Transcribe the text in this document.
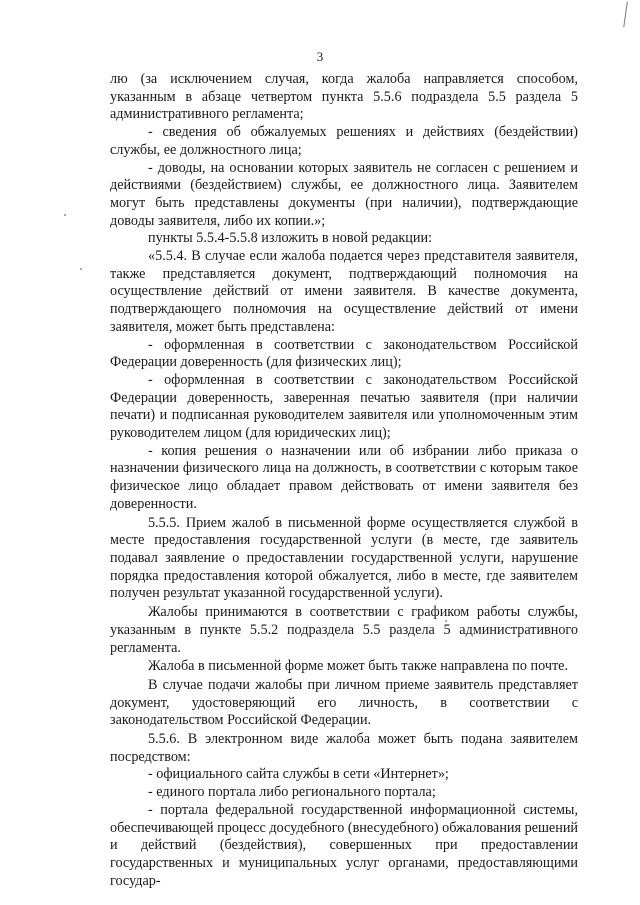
3

лю (за исключением случая, когда жалоба направляется способом, указанным в абзаце четвертом пункта 5.5.6 подраздела 5.5 раздела 5 административного регламента;

- сведения об обжалуемых решениях и действиях (бездействии) службы, ее должностного лица;

- доводы, на основании которых заявитель не согласен с решением и действиями (бездействием) службы, ее должностного лица. Заявителем могут быть представлены документы (при наличии), подтверждающие доводы заявителя, либо их копии.»;

пункты 5.5.4-5.5.8 изложить в новой редакции:

«5.5.4. В случае если жалоба подается через представителя заявителя, также представляется документ, подтверждающий полномочия на осуществление действий от имени заявителя. В качестве документа, подтверждающего полномочия на осуществление действий от имени заявителя, может быть представлена:

- оформленная в соответствии с законодательством Российской Федерации доверенность (для физических лиц);

- оформленная в соответствии с законодательством Российской Федерации доверенность, заверенная печатью заявителя (при наличии печати) и подписанная руководителем заявителя или уполномоченным этим руководителем лицом (для юридических лиц);

- копия решения о назначении или об избрании либо приказа о назначении физического лица на должность, в соответствии с которым такое физическое лицо обладает правом действовать от имени заявителя без доверенности.

5.5.5. Прием жалоб в письменной форме осуществляется службой в месте предоставления государственной услуги (в месте, где заявитель подавал заявление о предоставлении государственной услуги, нарушение порядка предоставления которой обжалуется, либо в месте, где заявителем получен результат указанной государственной услуги).

Жалобы принимаются в соответствии с графиком работы службы, указанным в пункте 5.5.2 подраздела 5.5 раздела 5 административного регламента.

Жалоба в письменной форме может быть также направлена по почте.

В случае подачи жалобы при личном приеме заявитель представляет документ, удостоверяющий его личность, в соответствии с законодательством Российской Федерации.

5.5.6. В электронном виде жалоба может быть подана заявителем посредством:

- официального сайта службы в сети «Интернет»;

- единого портала либо регионального портала;

- портала федеральной государственной информационной системы, обеспечивающей процесс досудебного (внесудебного) обжалования решений и действий (бездействия), совершенных при предоставлении государственных и муниципальных услуг органами, предоставляющими государ-
